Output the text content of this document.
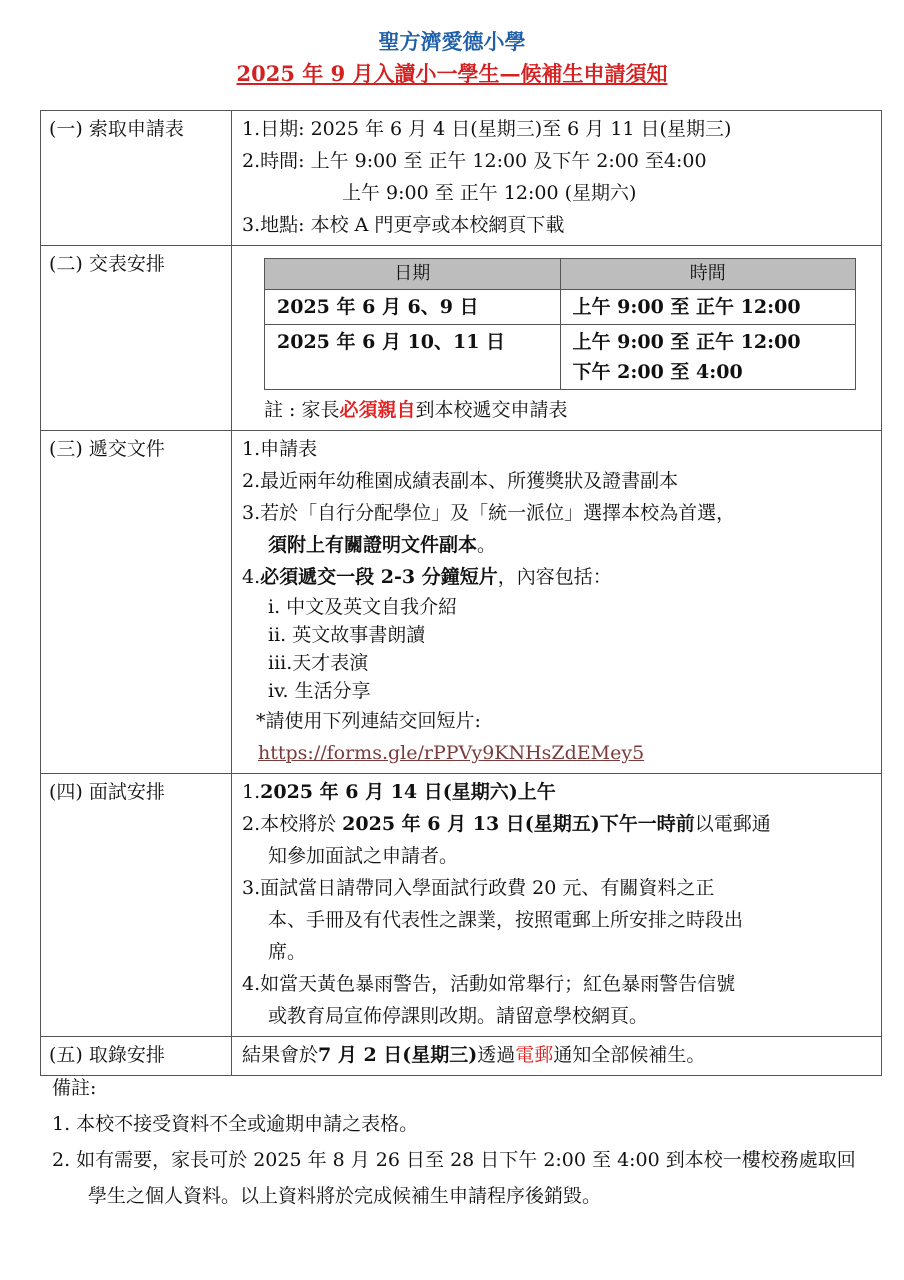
聖方濟愛德小學
2025 年 9 月入讀小一學生—候補生申請須知
(一) 索取申請表	1.日期: 2025 年 6 月 4 日(星期三)至 6 月 11 日(星期三)
2.時間: 上午 9:00 至 正午 12:00 及下午 2:00 至4:00
上午 9:00 至 正午 12:00 (星期六)
3.地點: 本校 A 門更亭或本校網頁下載

(二) 交表安排		日期	時間
2025 年 6 月 6、9 日	上午 9:00 至 正午 12:00
2025 年 6 月 10、11 日	上午 9:00 至 正午 12:00
下午 2:00 至 4:00
註 : 家長必須親自到本校遞交申請表

(三) 遞交文件	1.申請表
2.最近兩年幼稚園成績表副本、所獲獎狀及證書副本
3.若於「自行分配學位」及「統一派位」選擇本校為首選，
須附上有關證明文件副本。
4.必須遞交一段 2-3 分鐘短片，內容包括：
i. 中文及英文自我介紹
ii. 英文故事書朗讀
iii.天才表演
iv. 生活分享
*請使用下列連結交回短片:
https://forms.gle/rPPVy9KNHsZdEMey5

(四) 面試安排	1.2025 年 6 月 14 日(星期六)上午
2.本校將於 2025 年 6 月 13 日(星期五)下午一時前以電郵通
知參加面試之申請者。
3.面試當日請帶同入學面試行政費 20 元、有關資料之正
本、手冊及有代表性之課業，按照電郵上所安排之時段出
席。
4.如當天黃色暴雨警告，活動如常舉行；紅色暴雨警告信號
或教育局宣佈停課則改期。請留意學校網頁。

(五) 取錄安排	結果會於7 月 2 日(星期三)透過電郵通知全部候補生。
備註:
1. 本校不接受資料不全或逾期申請之表格。
2. 如有需要，家長可於 2025 年 8 月 26 日至 28 日下午 2:00 至 4:00 到本校一樓校務處取回學生之個人資料。以上資料將於完成候補生申請程序後銷毀。
